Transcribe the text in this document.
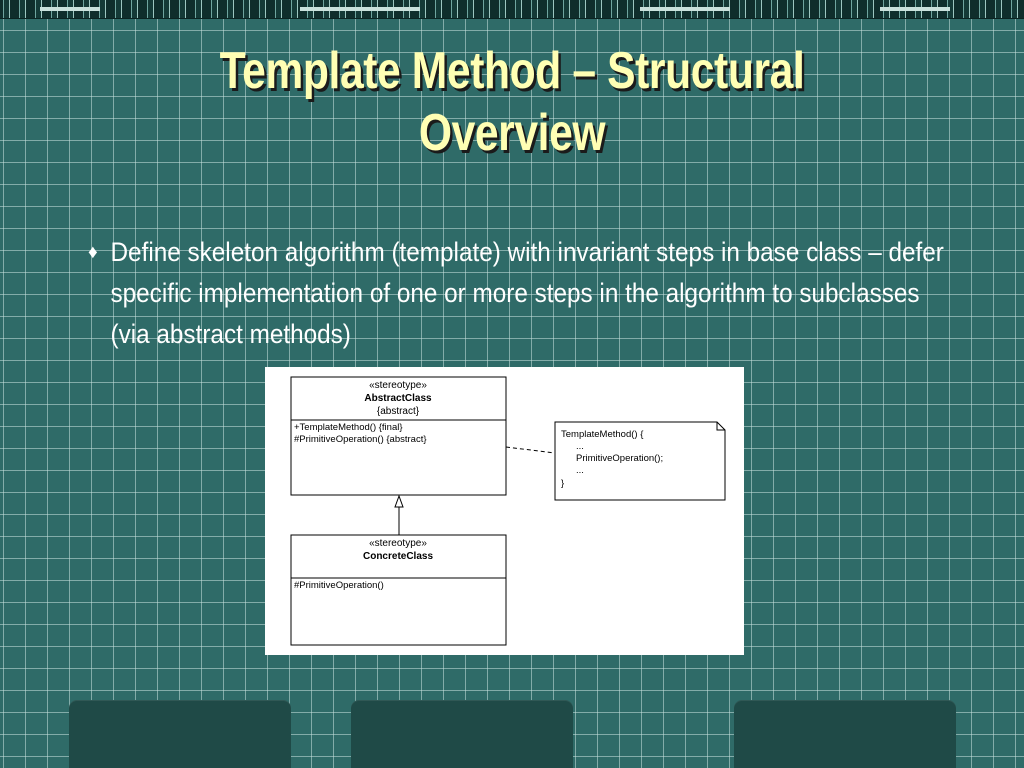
Template Method – Structural
Overview
♦ Define skeleton algorithm (template) with invariant steps in base class – defer specific implementation of one or more steps in the algorithm to subclasses (via abstract methods)
«stereotype»
AbstractClass
{abstract}
+TemplateMethod() {final}
#PrimitiveOperation() {abstract}
«stereotype»
ConcreteClass
#PrimitiveOperation()
TemplateMethod() {
...
PrimitiveOperation();
...
}
